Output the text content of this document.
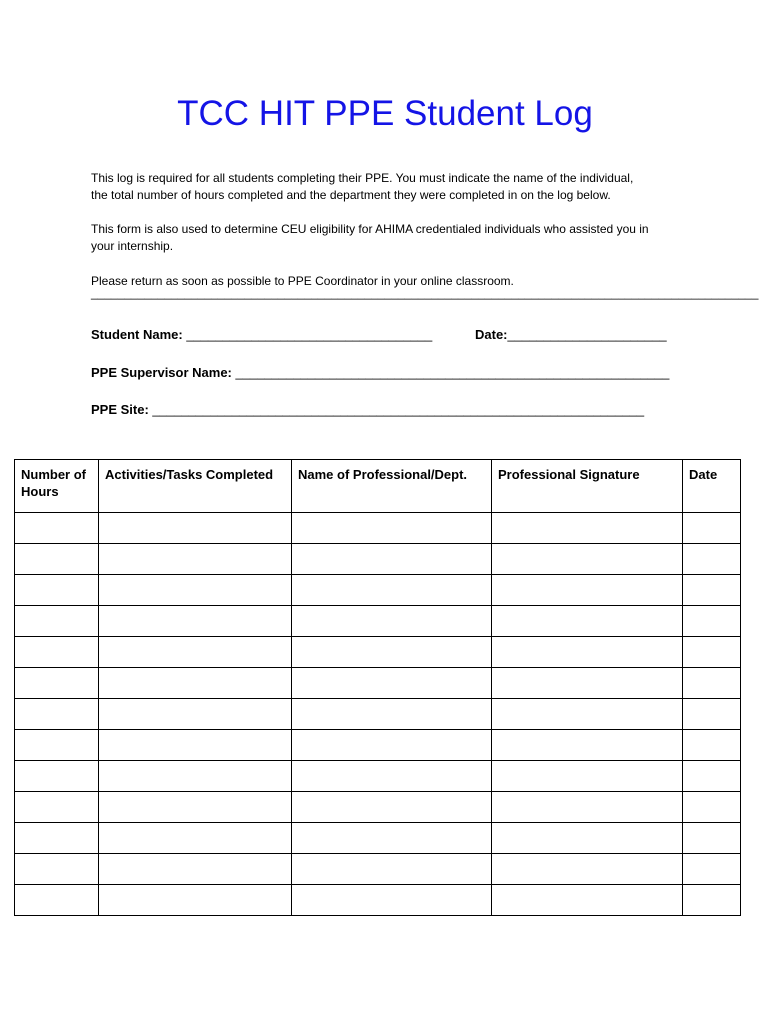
TCC HIT PPE Student Log
This log is required for all students completing their PPE. You must indicate the name of the individual,
the total number of hours completed and the department they were completed in on the log below.
This form is also used to determine CEU eligibility for AHIMA credentialed individuals who assisted you in
your internship.
Please return as soon as possible to PPE Coordinator in your online classroom.
____________________________________________________________________________________________________
Student Name: __________________________________	Date:______________________
PPE Supervisor Name: ____________________________________________________________
PPE Site: ____________________________________________________________________
Number of Hours	Activities/Tasks Completed	Name of Professional/Dept.	Professional Signature	Date
